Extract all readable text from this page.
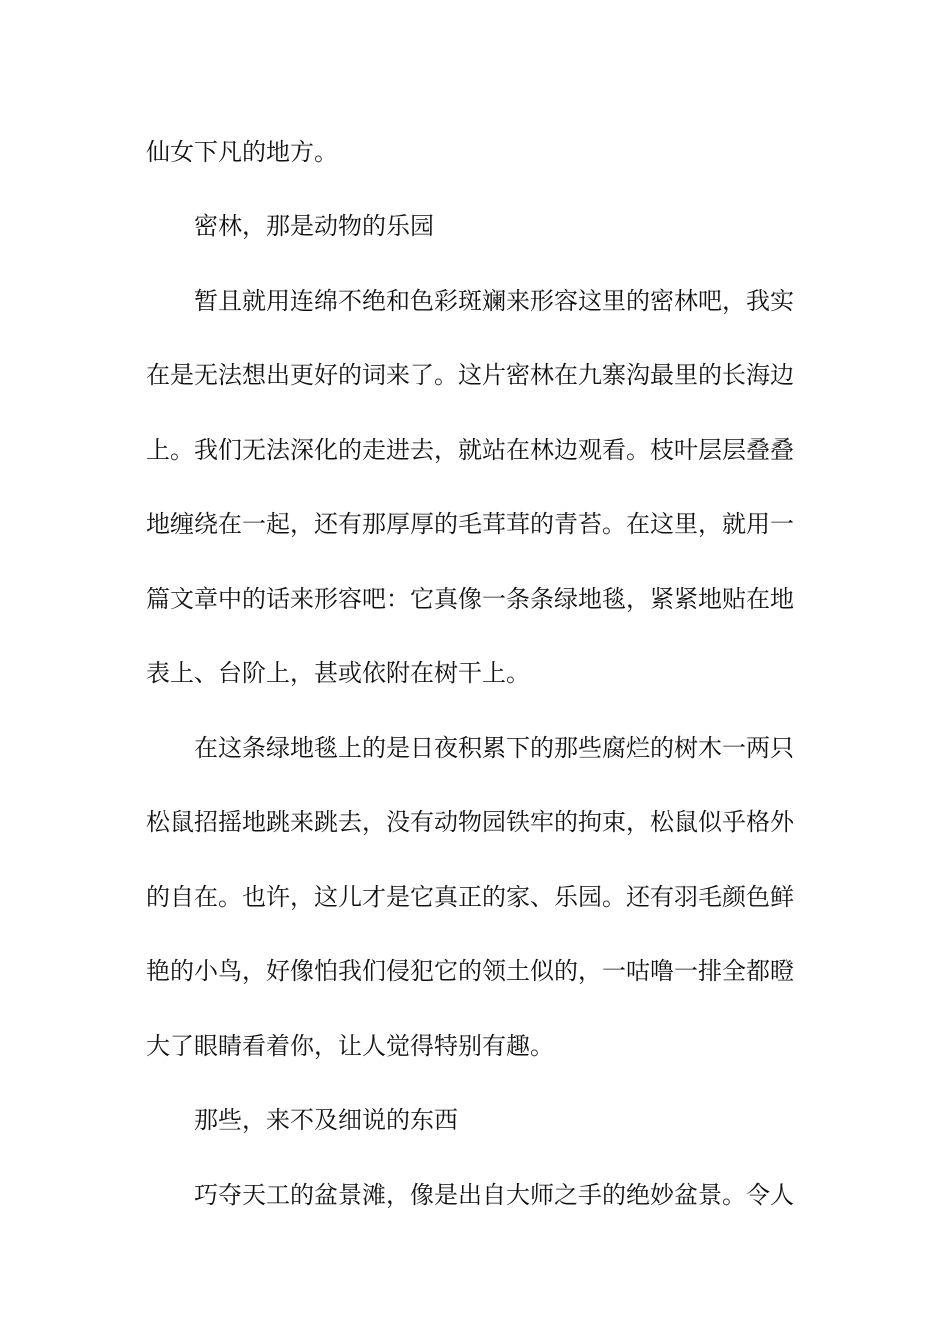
仙女下凡的地方。
密林，那是动物的乐园
暂且就用连绵不绝和色彩斑斓来形容这里的密林吧，我实
在是无法想出更好的词来了。这片密林在九寨沟最里的长海边
上。我们无法深化的走进去，就站在林边观看。枝叶层层叠叠
地缠绕在一起，还有那厚厚的毛茸茸的青苔。在这里，就用一
篇文章中的话来形容吧：它真像一条条绿地毯，紧紧地贴在地
表上、台阶上，甚或依附在树干上。
在这条绿地毯上的是日夜积累下的那些腐烂的树木一两只
松鼠招摇地跳来跳去，没有动物园铁牢的拘束，松鼠似乎格外
的自在。也许，这儿才是它真正的家、乐园。还有羽毛颜色鲜
艳的小鸟，好像怕我们侵犯它的领土似的，一咕噜一排全都瞪
大了眼睛看着你，让人觉得特别有趣。
那些，来不及细说的东西
巧夺天工的盆景滩，像是出自大师之手的绝妙盆景。令人
